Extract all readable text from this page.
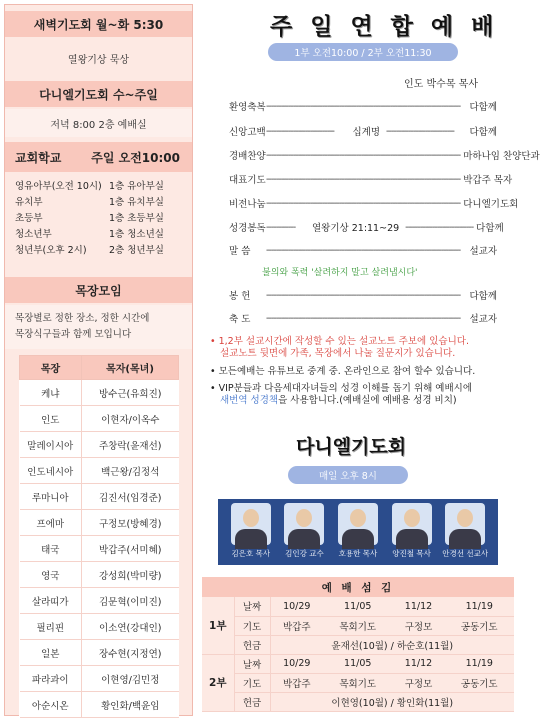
새벽기도회 월~화 5:30
열왕기상 묵상
다니엘기도회 수~주일
저녁 8:00 2층 예배실
교회학교 주일 오전10:00
영유아부(오전 10시) 1층 유아부실
유치부	1층 유치부실
초등부	1층 초등부실
청소년부	1층 청소년실
청년부(오후 2시)	2층 청년부실
목장모임
목장별로 정한 장소, 정한 시간에
목장식구들과 함께 모입니다
목장	목자(목녀)
케냐	방수근(유희진)
인도	이현자/이옥수
말레이시아	주창락(윤재선)
인도네시아	백근왕/김정석
루마니아	김진서(임경준)
프에마	구정모(방혜경)
태국	박갑주(서미혜)
영국	강성희(박미량)
살라띠가	김문혁(이미진)
필리핀	이소연(강대인)
일본	장수현(지정연)
파라과이	이현영/김민정
아순시온	황인화/백윤임
주 일 연 합 예 배
1부 오전10:00 / 2부 오전11:30
인도 박수목 목사
환영축복 -------------------------------------------------------------------------------- 다함께
신앙고백 ----------------------------	십계명 ----------------------------	다함께
경배찬양 -------------------------------------------------------------------------------- 마하나임 찬양단과
대표기도 -------------------------------------------------------------------------------- 박갑주 목자
비전나눔 -------------------------------------------------------------------------------- 다니엘기도회
성경봉독 ------------	열왕기상 21:11~29 ---------------------------- 다함께
말 씀	-------------------------------------------------------------------------------- 설교자
불의와 폭력 '살려하지 말고 살려냅시다'
봉 헌	-------------------------------------------------------------------------------- 다함께
축 도	-------------------------------------------------------------------------------- 설교자
• 1,2부 설교시간에 작성할 수 있는 설교노트 주보에 있습니다.
설교노트 뒷면에 가족, 목장에서 나눌 질문지가 있습니다.
• 모든예배는 유튜브로 중계 중. 온라인으로 참여 할수 있습니다.
• VIP분들과 다음세대자녀들의 성경 이해를 돕기 위해 예배시에
새번역 성경책을 사용합니다.(예배실에 예배용 성경 비치)
다니엘기도회
매일 오후 8시
김은호 목사 김인강 교수 호용한 목사 양진철 목사 안경선 선교사
예 배 섬 김
1부	날짜	10/29	11/05	11/12	11/19
	기도	박갑주	목회기도	구정모	공동기도
	헌금	윤재선(10월) / 하순호(11월)			
2부	날짜	10/29	11/05	11/12	11/19
	기도	박갑주	목회기도	구정모	공동기도
	헌금	이현영(10월) / 황인화(11월)			
